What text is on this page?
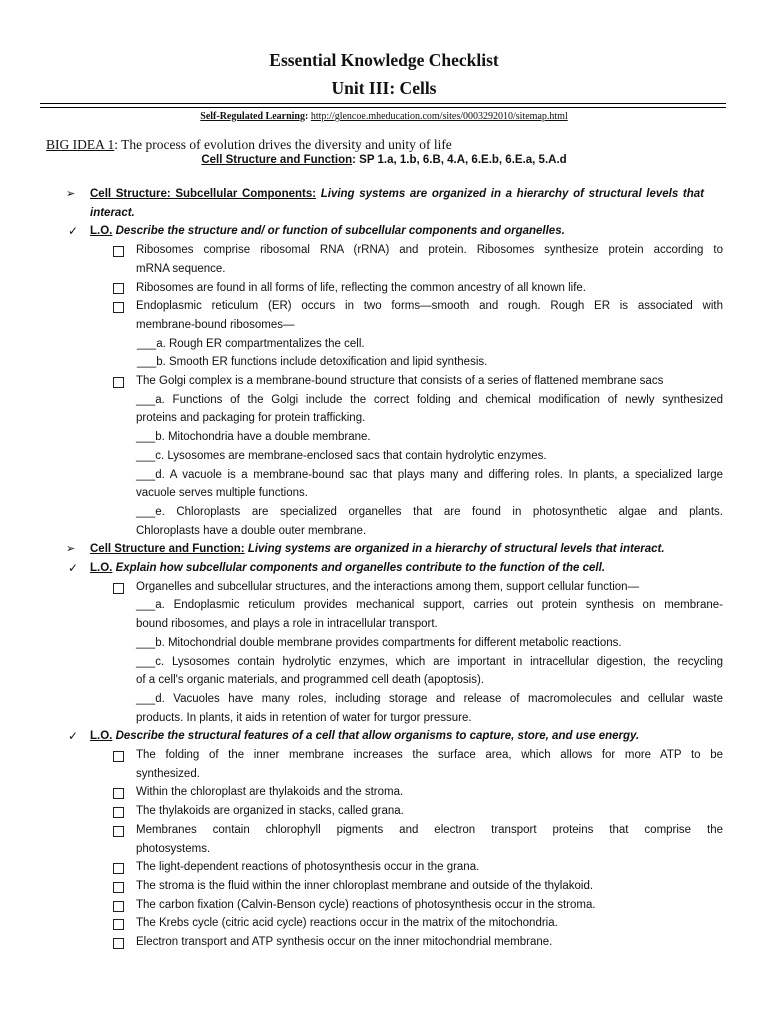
Essential Knowledge Checklist
Unit III: Cells
Self-Regulated Learning: http://glencoe.mheducation.com/sites/0003292010/sitemap.html
BIG IDEA 1: The process of evolution drives the diversity and unity of life
Cell Structure and Function: SP 1.a, 1.b, 6.B, 4.A, 6.E.b, 6.E.a, 5.A.d
➢ Cell Structure: Subcellular Components: Living systems are organized in a hierarchy of structural levels that
interact.
✓ L.O. Describe the structure and/ or function of subcellular components and organelles.
Ribosomes comprise ribosomal RNA (rRNA) and protein. Ribosomes synthesize protein according to
mRNA sequence.
Ribosomes are found in all forms of life, reflecting the common ancestry of all known life.
Endoplasmic reticulum (ER) occurs in two forms—smooth and rough. Rough ER is associated with
membrane-bound ribosomes—
___a. Rough ER compartmentalizes the cell.
___b. Smooth ER functions include detoxification and lipid synthesis.
The Golgi complex is a membrane-bound structure that consists of a series of flattened membrane sacs
___a. Functions of the Golgi include the correct folding and chemical modification of newly synthesized
proteins and packaging for protein trafficking.
___b. Mitochondria have a double membrane.
___c. Lysosomes are membrane-enclosed sacs that contain hydrolytic enzymes.
___d. A vacuole is a membrane-bound sac that plays many and differing roles. In plants, a specialized large
vacuole serves multiple functions.
___e. Chloroplasts are specialized organelles that are found in photosynthetic algae and plants.
Chloroplasts have a double outer membrane.
➢ Cell Structure and Function: Living systems are organized in a hierarchy of structural levels that interact.
✓ L.O. Explain how subcellular components and organelles contribute to the function of the cell.
Organelles and subcellular structures, and the interactions among them, support cellular function—
___a. Endoplasmic reticulum provides mechanical support, carries out protein synthesis on membrane-
bound ribosomes, and plays a role in intracellular transport.
___b. Mitochondrial double membrane provides compartments for different metabolic reactions.
___c. Lysosomes contain hydrolytic enzymes, which are important in intracellular digestion, the recycling
of a cell's organic materials, and programmed cell death (apoptosis).
___d. Vacuoles have many roles, including storage and release of macromolecules and cellular waste
products. In plants, it aids in retention of water for turgor pressure.
✓ L.O. Describe the structural features of a cell that allow organisms to capture, store, and use energy.
The folding of the inner membrane increases the surface area, which allows for more ATP to be
synthesized.
Within the chloroplast are thylakoids and the stroma.
The thylakoids are organized in stacks, called grana.
Membranes contain chlorophyll pigments and electron transport proteins that comprise the
photosystems.
The light-dependent reactions of photosynthesis occur in the grana.
The stroma is the fluid within the inner chloroplast membrane and outside of the thylakoid.
The carbon fixation (Calvin-Benson cycle) reactions of photosynthesis occur in the stroma.
The Krebs cycle (citric acid cycle) reactions occur in the matrix of the mitochondria.
Electron transport and ATP synthesis occur on the inner mitochondrial membrane.
